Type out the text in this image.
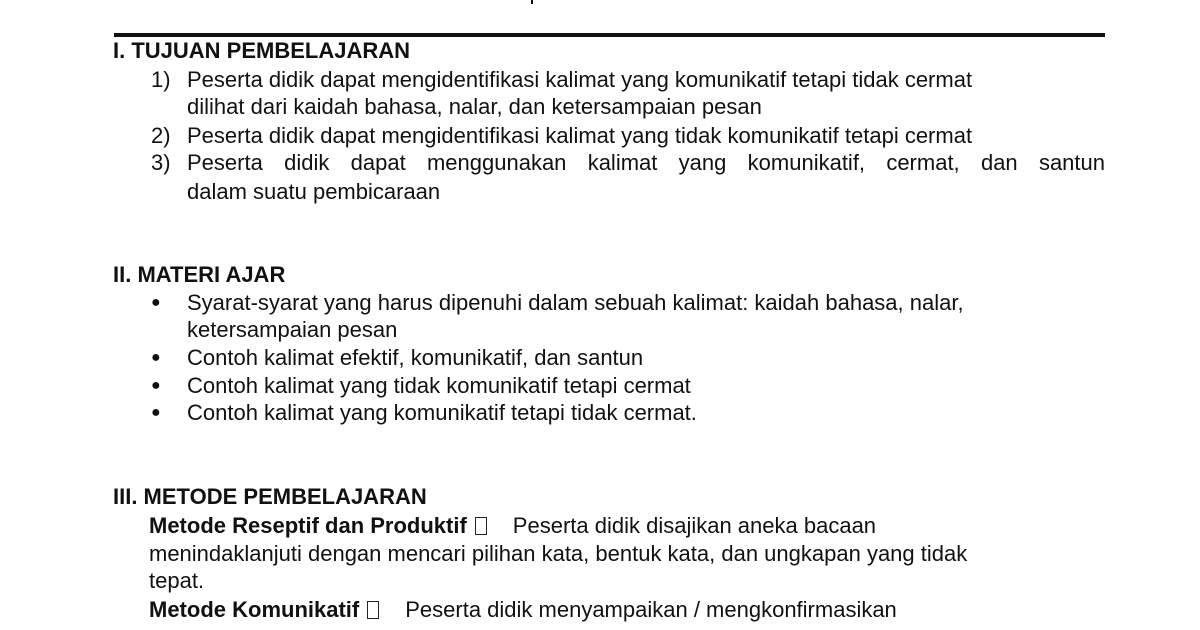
I. TUJUAN PEMBELAJARAN
1) Peserta didik dapat mengidentifikasi kalimat yang komunikatif tetapi tidak cermat
dilihat dari kaidah bahasa, nalar, dan ketersampaian pesan
2) Peserta didik dapat mengidentifikasi kalimat yang tidak komunikatif tetapi cermat
3) Peserta didik dapat menggunakan kalimat yang komunikatif, cermat, dan santun
dalam suatu pembicaraan
II. MATERI AJAR
● Syarat-syarat yang harus dipenuhi dalam sebuah kalimat: kaidah bahasa, nalar,
ketersampaian pesan
● Contoh kalimat efektif, komunikatif, dan santun
● Contoh kalimat yang tidak komunikatif tetapi cermat
● Contoh kalimat yang komunikatif tetapi tidak cermat.
III. METODE PEMBELAJARAN
Metode Reseptif dan Produktif Peserta didik disajikan aneka bacaan
menindaklanjuti dengan mencari pilihan kata, bentuk kata, dan ungkapan yang tidak
tepat.
Metode Komunikatif Peserta didik menyampaikan / mengkonfirmasikan
